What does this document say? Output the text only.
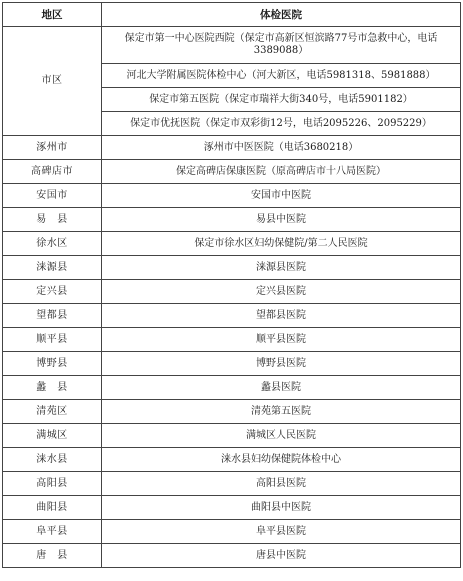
地区	体检医院
市区	保定市第一中心医院西院（保定市高新区恒滨路77号市急救中心，电话3389088）
	河北大学附属医院体检中心（河大新区，电话5981318、5981888）
	保定市第五医院（保定市瑞祥大街340号，电话5901182）
	保定市优抚医院（保定市双彩街12号，电话2095226、2095229）
涿州市	涿州市中医医院（电话3680218）
高碑店市	保定高碑店保康医院（原高碑店市十八局医院）
安国市	安国市中医院
易　县	易县中医院
徐水区	保定市徐水区妇幼保健院/第二人民医院
涞源县	涞源县医院
定兴县	定兴县医院
望都县	望都县医院
顺平县	顺平县医院
博野县	博野县医院
蠡　县	蠡县医院
清苑区	清苑第五医院
满城区	满城区人民医院
涞水县	涞水县妇幼保健院体检中心
高阳县	高阳县医院
曲阳县	曲阳县中医院
阜平县	阜平县医院
唐　县	唐县中医院
